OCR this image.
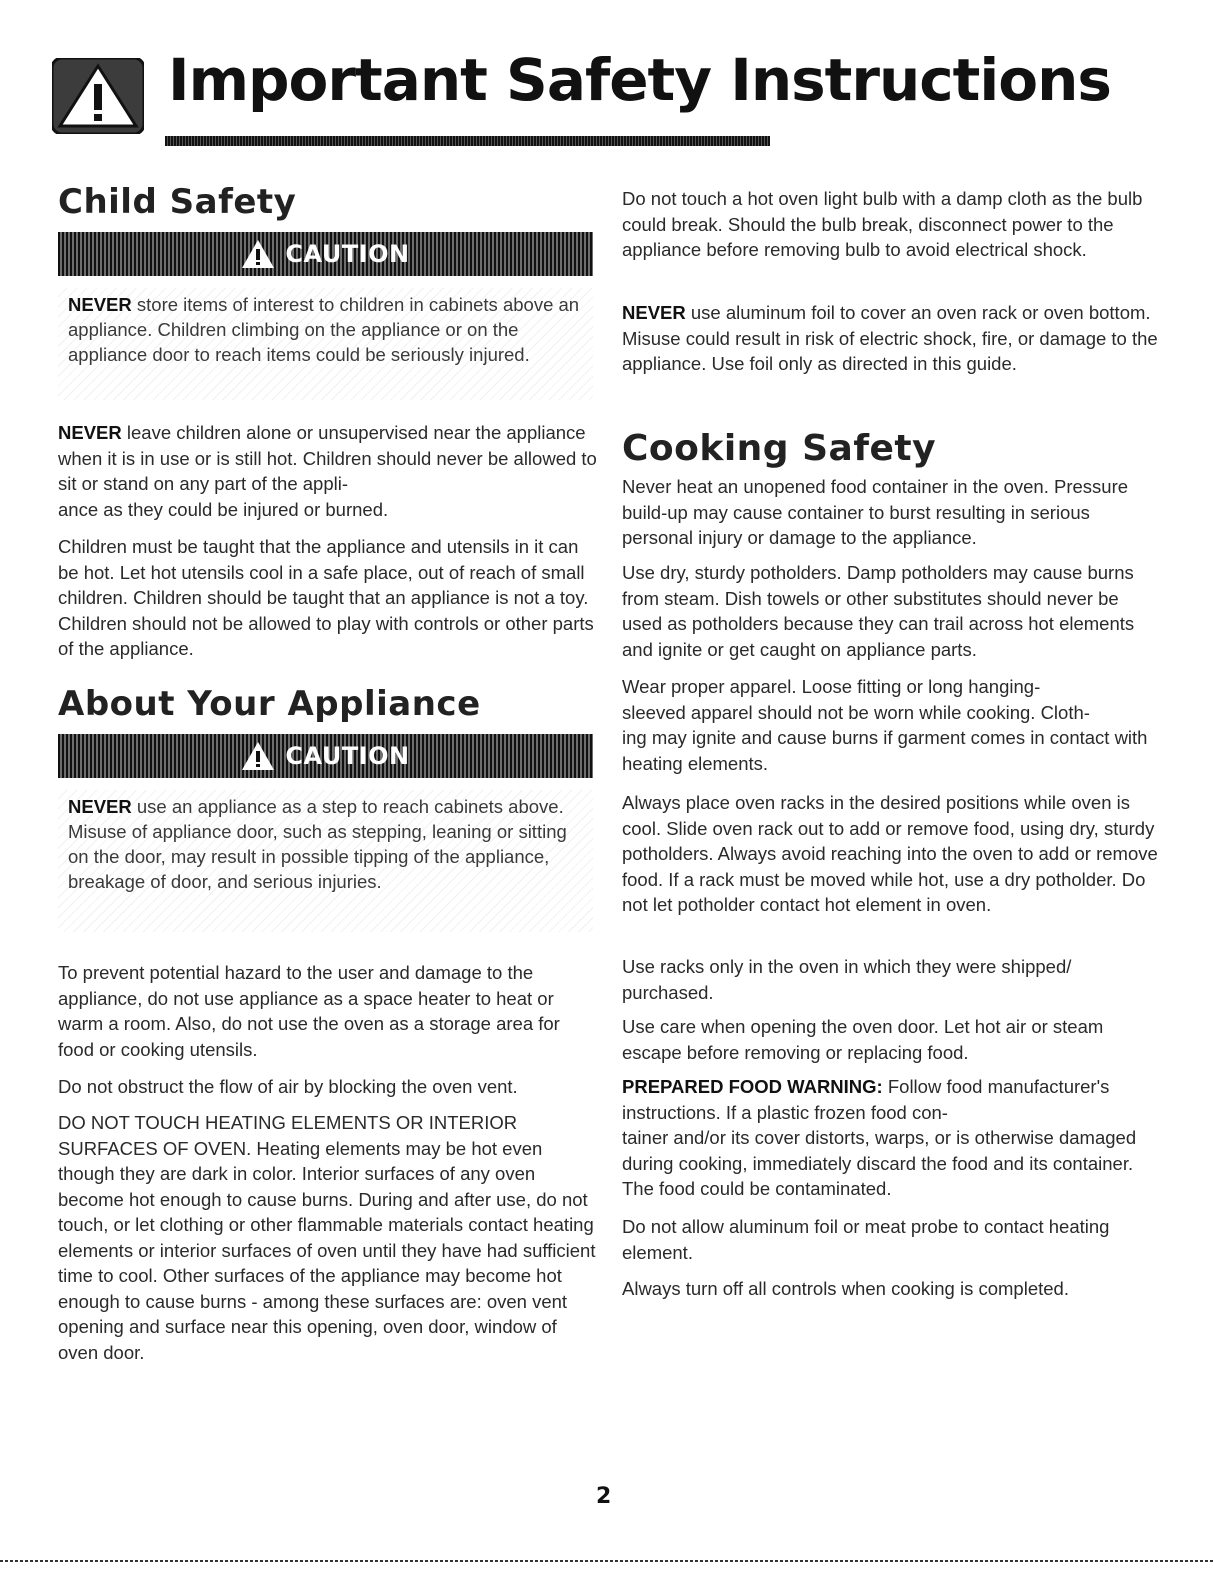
Important Safety Instructions
Child Safety
CAUTION
NEVER store items of interest to children in cabinets above an appliance. Children climbing on the appliance or on the appliance door to reach items could be seriously injured.
NEVER leave children alone or unsupervised near the appliance when it is in use or is still hot. Children should never be allowed to sit or stand on any part of the appli-
ance as they could be injured or burned.
Children must be taught that the appliance and utensils in it can be hot. Let hot utensils cool in a safe place, out of reach of small children. Children should be taught that an appliance is not a toy. Children should not be allowed to play with controls or other parts of the appliance.
About Your Appliance
CAUTION
NEVER use an appliance as a step to reach cabinets above. Misuse of appliance door, such as stepping, leaning or sitting on the door, may result in possible tipping of the appliance, breakage of door, and serious injuries.
To prevent potential hazard to the user and damage to the appliance, do not use appliance as a space heater to heat or warm a room. Also, do not use the oven as a storage area for food or cooking utensils.
Do not obstruct the flow of air by blocking the oven vent.
DO NOT TOUCH HEATING ELEMENTS OR INTERIOR SURFACES OF OVEN. Heating elements may be hot even though they are dark in color. Interior surfaces of any oven become hot enough to cause burns. During and after use, do not touch, or let clothing or other flammable materials contact heating elements or interior surfaces of oven until they have had sufficient time to cool. Other surfaces of the appliance may become hot enough to cause burns - among these surfaces are: oven vent opening and surface near this opening, oven door, window of oven door.
Do not touch a hot oven light bulb with a damp cloth as the bulb could break. Should the bulb break, disconnect power to the appliance before removing bulb to avoid electrical shock.
NEVER use aluminum foil to cover an oven rack or oven bottom. Misuse could result in risk of electric shock, fire, or damage to the appliance. Use foil only as directed in this guide.
Cooking Safety
Never heat an unopened food container in the oven. Pressure build-up may cause container to burst resulting in serious personal injury or damage to the appliance.
Use dry, sturdy potholders. Damp potholders may cause burns from steam. Dish towels or other substitutes should never be used as potholders because they can trail across hot elements and ignite or get caught on appliance parts.
Wear proper apparel. Loose fitting or long hanging-
sleeved apparel should not be worn while cooking. Cloth-
ing may ignite and cause burns if garment comes in contact with heating elements.
Always place oven racks in the desired positions while oven is cool. Slide oven rack out to add or remove food, using dry, sturdy potholders. Always avoid reaching into the oven to add or remove food. If a rack must be moved while hot, use a dry potholder. Do not let potholder contact hot element in oven.
Use racks only in the oven in which they were shipped/
purchased.
Use care when opening the oven door. Let hot air or steam escape before removing or replacing food.
PREPARED FOOD WARNING: Follow food manufacturer's instructions. If a plastic frozen food con-
tainer and/or its cover distorts, warps, or is otherwise damaged during cooking, immediately discard the food and its container. The food could be contaminated.
Do not allow aluminum foil or meat probe to contact heating element.
Always turn off all controls when cooking is completed.
2
